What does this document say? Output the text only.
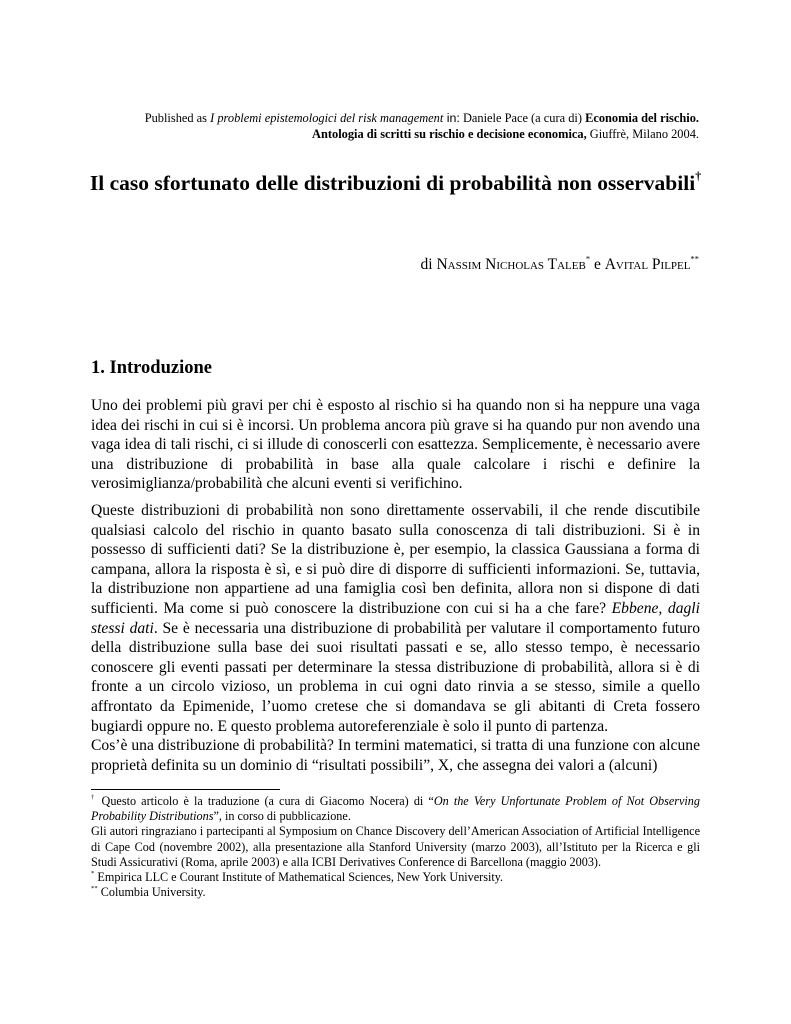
Published as I problemi epistemologici del risk management in: Daniele Pace (a cura di) Economia del rischio.
Antologia di scritti su rischio e decisione economica, Giuffrè, Milano 2004.
Il caso sfortunato delle distribuzioni di probabilità non osservabili†
di Nassim Nicholas Taleb* e Avital Pilpel**
1. Introduzione

Uno dei problemi più gravi per chi è esposto al rischio si ha quando non si ha neppure una vaga idea dei rischi in cui si è incorsi. Un problema ancora più grave si ha quando pur non avendo una vaga idea di tali rischi, ci si illude di conoscerli con esattezza. Semplicemente, è necessario avere una distribuzione di probabilità in base alla quale calcolare i rischi e definire la verosimiglianza/probabilità che alcuni eventi si verifichino.

Queste distribuzioni di probabilità non sono direttamente osservabili, il che rende discutibile qualsiasi calcolo del rischio in quanto basato sulla conoscenza di tali distribuzioni. Si è in possesso di sufficienti dati? Se la distribuzione è, per esempio, la classica Gaussiana a forma di campana, allora la risposta è sì, e si può dire di disporre di sufficienti informazioni. Se, tuttavia, la distribuzione non appartiene ad una famiglia così ben definita, allora non si dispone di dati sufficienti. Ma come si può conoscere la distribuzione con cui si ha a che fare? Ebbene, dagli stessi dati. Se è necessaria una distribuzione di probabilità per valutare il comportamento futuro della distribuzione sulla base dei suoi risultati passati e se, allo stesso tempo, è necessario conoscere gli eventi passati per determinare la stessa distribuzione di probabilità, allora si è di fronte a un circolo vizioso, un problema in cui ogni dato rinvia a se stesso, simile a quello affrontato da Epimenide, l’uomo cretese che si domandava se gli abitanti di Creta fossero bugiardi oppure no. E questo problema autoreferenziale è solo il punto di partenza.

Cos’è una distribuzione di probabilità? In termini matematici, si tratta di una funzione con alcune proprietà definita su un dominio di “risultati possibili”, X, che assegna dei valori a (alcuni)

† Questo articolo è la traduzione (a cura di Giacomo Nocera) di “On the Very Unfortunate Problem of Not Observing Probability Distributions”, in corso di pubblicazione.

Gli autori ringraziano i partecipanti al Symposium on Chance Discovery dell’American Association of Artificial Intelligence di Cape Cod (novembre 2002), alla presentazione alla Stanford University (marzo 2003), all’Istituto per la Ricerca e gli Studi Assicurativi (Roma, aprile 2003) e alla ICBI Derivatives Conference di Barcellona (maggio 2003).

* Empirica LLC e Courant Institute of Mathematical Sciences, New York University.

** Columbia University.
